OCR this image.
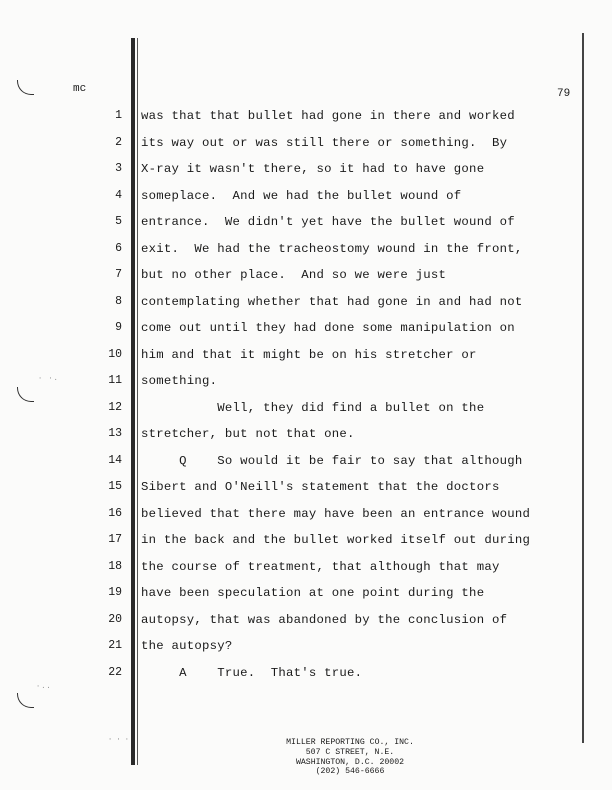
· ·.
·..
mc	79
1 was that that bullet had gone in there and worked
2 its way out or was still there or something.  By
3 X-ray it wasn't there, so it had to have gone
4 someplace.  And we had the bullet wound of
5 entrance.  We didn't yet have the bullet wound of
6 exit.  We had the tracheostomy wound in the front,
7 but no other place.  And so we were just
8 contemplating whether that had gone in and had not
9 come out until they had done some manipulation on
10 him and that it might be on his stretcher or
11 something.
12 Well, they did find a bullet on the
13 stretcher, but not that one.
14 Q    So would it be fair to say that although
15 Sibert and O'Neill's statement that the doctors
16 believed that there may have been an entrance wound
17 in the back and the bullet worked itself out during
18 the course of treatment, that although that may
19 have been speculation at one point during the
20 autopsy, that was abandoned by the conclusion of
21 the autopsy?
22 A    True.  That's true.
· · ·	MILLER REPORTING CO., INC.
507 C STREET, N.E.
WASHINGTON, D.C. 20002
(202) 546-6666
